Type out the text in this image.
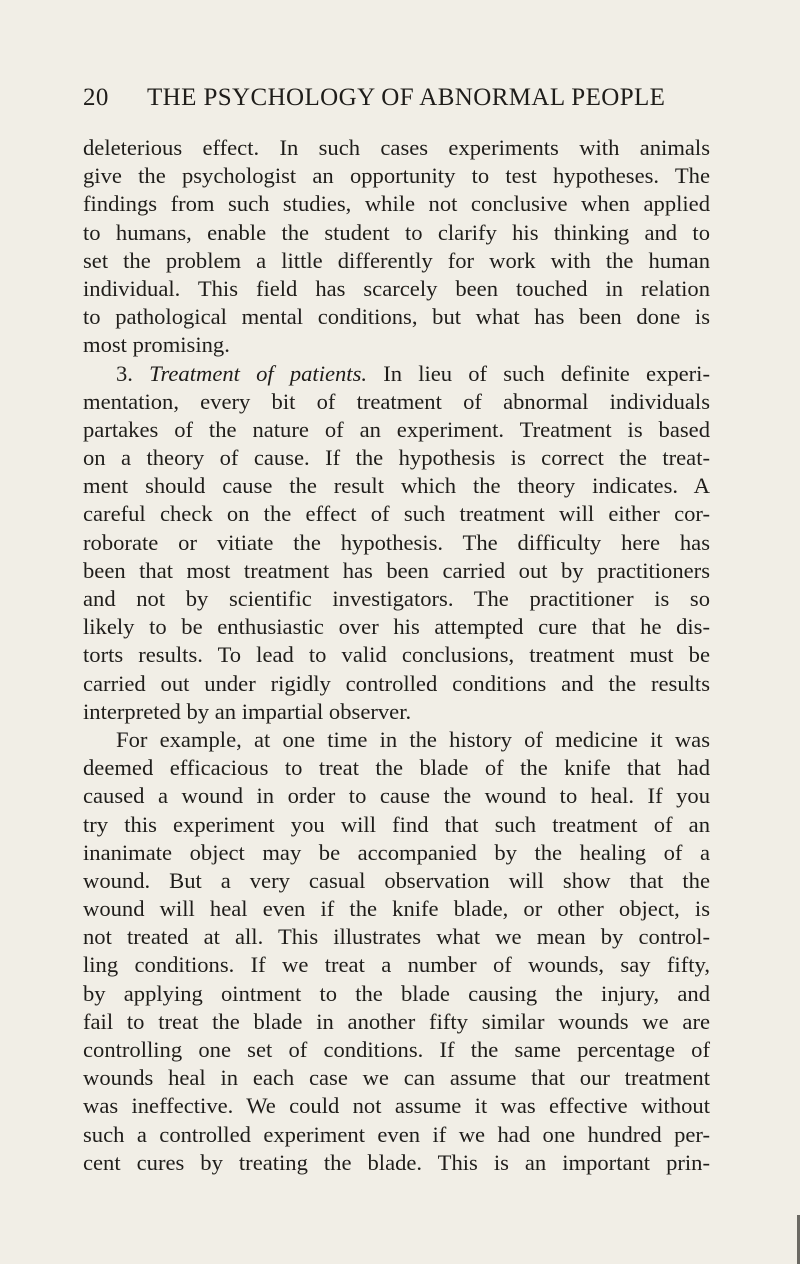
20 THE PSYCHOLOGY OF ABNORMAL PEOPLE
deleterious effect. In such cases experiments with animals
give the psychologist an opportunity to test hypotheses. The
findings from such studies, while not conclusive when applied
to humans, enable the student to clarify his thinking and to
set the problem a little differently for work with the human
individual. This field has scarcely been touched in relation
to pathological mental conditions, but what has been done is
most promising.
3. Treatment of patients. In lieu of such definite experi-
mentation, every bit of treatment of abnormal individuals
partakes of the nature of an experiment. Treatment is based
on a theory of cause. If the hypothesis is correct the treat-
ment should cause the result which the theory indicates. A
careful check on the effect of such treatment will either cor-
roborate or vitiate the hypothesis. The difficulty here has
been that most treatment has been carried out by practitioners
and not by scientific investigators. The practitioner is so
likely to be enthusiastic over his attempted cure that he dis-
torts results. To lead to valid conclusions, treatment must be
carried out under rigidly controlled conditions and the results
interpreted by an impartial observer.
For example, at one time in the history of medicine it was
deemed efficacious to treat the blade of the knife that had
caused a wound in order to cause the wound to heal. If you
try this experiment you will find that such treatment of an
inanimate object may be accompanied by the healing of a
wound. But a very casual observation will show that the
wound will heal even if the knife blade, or other object, is
not treated at all. This illustrates what we mean by control-
ling conditions. If we treat a number of wounds, say fifty,
by applying ointment to the blade causing the injury, and
fail to treat the blade in another fifty similar wounds we are
controlling one set of conditions. If the same percentage of
wounds heal in each case we can assume that our treatment
was ineffective. We could not assume it was effective without
such a controlled experiment even if we had one hundred per-
cent cures by treating the blade. This is an important prin-
